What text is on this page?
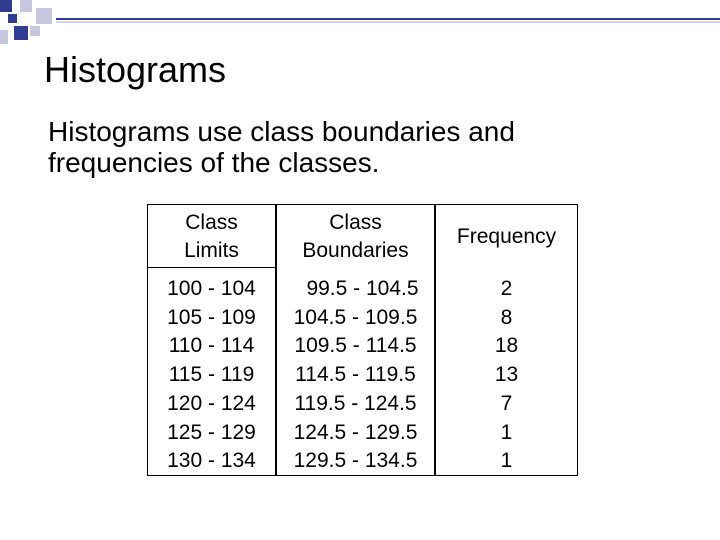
Histograms
Histograms use class boundaries and
frequencies of the classes.
Class
Limits
100 - 104
105 - 109
110 - 114
115 - 119
120 - 124
125 - 129
130 - 134
Class
Boundaries
99.5 - 104.5
104.5 - 109.5
109.5 - 114.5
114.5 - 119.5
119.5 - 124.5
124.5 - 129.5
129.5 - 134.5
Frequency
2
8
18
13
7
1
1
